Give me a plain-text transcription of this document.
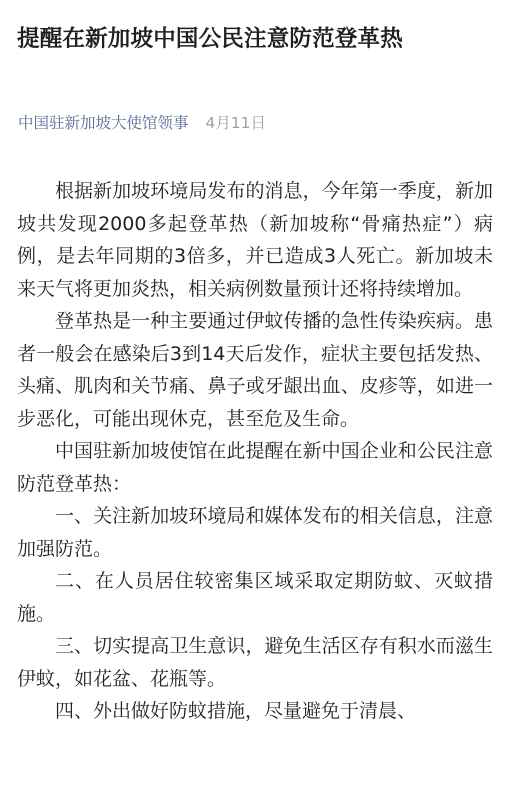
提醒在新加坡中国公民注意防范登革热
中国驻新加坡大使馆领事 4月11日

根据新加坡环境局发布的消息，今年第一季度，新加坡共发现2000多起登革热（新加坡称“骨痛热症”）病例，是去年同期的3倍多，并已造成3人死亡。新加坡未来天气将更加炎热，相关病例数量预计还将持续增加。

登革热是一种主要通过伊蚊传播的急性传染疾病。患者一般会在感染后3到14天后发作，症状主要包括发热、头痛、肌肉和关节痛、鼻子或牙龈出血、皮疹等，如进一步恶化，可能出现休克，甚至危及生命。

中国驻新加坡使馆在此提醒在新中国企业和公民注意防范登革热：

一、关注新加坡环境局和媒体发布的相关信息，注意加强防范。

二、在人员居住较密集区域采取定期防蚊、灭蚊措施。

三、切实提高卫生意识，避免生活区存有积水而滋生伊蚊，如花盆、花瓶等。

四、外出做好防蚊措施，尽量避免于清晨、
